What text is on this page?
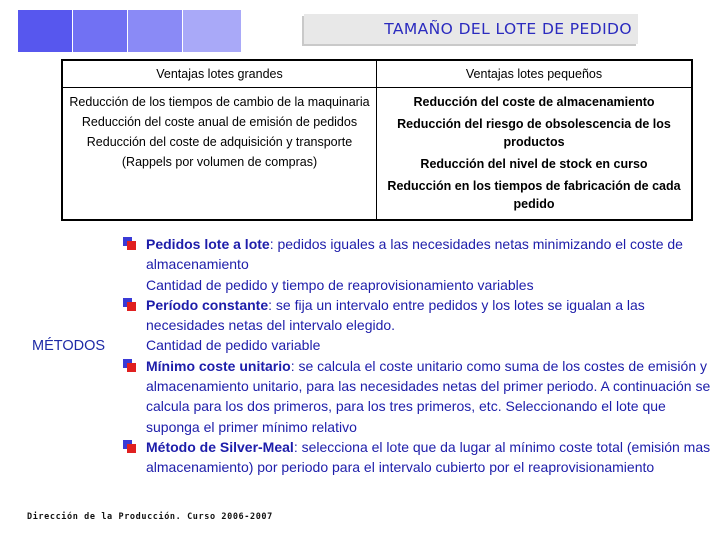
TAMAÑO DEL LOTE DE PEDIDO
Ventajas lotes grandes	Ventajas lotes pequeños
Reducción de los tiempos de cambio de la maquinaria
Reducción del coste anual de emisión de pedidos
Reducción del coste de adquisición y transporte
(Rappels por volumen de compras)
Reducción del coste de almacenamiento
Reducción del riesgo de obsolescencia de los productos
Reducción del nivel de stock en curso
Reducción en los tiempos de fabricación de cada pedido
MÉTODOS
Pedidos lote a lote: pedidos iguales a las necesidades netas minimizando el coste de almacenamiento
Cantidad de pedido y tiempo de reaprovisionamiento variables
Período constante: se fija un intervalo entre pedidos y los lotes se igualan a las necesidades netas del intervalo elegido.
Cantidad de pedido variable
Mínimo coste unitario: se calcula el coste unitario como suma de los costes de emisión y almacenamiento unitario, para las necesidades netas del primer periodo. A continuación se calcula para los dos primeros, para los tres primeros, etc. Seleccionando el lote que suponga el primer mínimo relativo
Método de Silver-Meal: selecciona el lote que da lugar al mínimo coste total (emisión mas almacenamiento) por periodo para el intervalo cubierto por el reaprovisionamiento
Dirección de la Producción. Curso 2006-2007
